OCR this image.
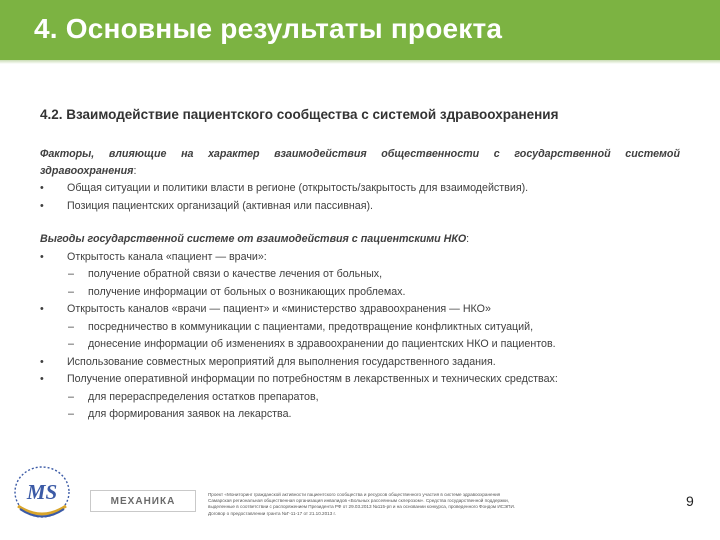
4. Основные результаты проекта
4.2. Взаимодействие пациентского сообщества с системой здравоохранения
Факторы, влияющие на характер взаимодействия общественности с государственной системой здравоохранения:
•	Общая ситуации и политики власти в регионе (открытость/закрытость для взаимодействия).
•	Позиция пациентских организаций (активная или пассивная).
Выгоды государственной системе от взаимодействия с пациентскими НКО:
•	Открытость канала «пациент — врачи»:
– получение обратной связи о качестве лечения от больных,
– получение информации от больных о возникающих проблемах.
•	Открытость каналов «врачи — пациент» и «министерство здравоохранения — НКО»
– посредничество в коммуникации с пациентами, предотвращение конфликтных ситуаций,
– донесение информации об изменениях в здравоохранении до пациентских НКО и пациентов.
•	Использование совместных мероприятий для выполнения государственного задания.
•	Получение оперативной информации по потребностям в лекарственных и технических средствах:
– для перераспределения остатков препаратов,
– для формирования заявок на лекарства.
MS	МЕХАНИКА
Проект «Мониторинг гражданской активности пациентского сообщества и ресурсов общественного участия в системе здравоохранения
Самарская региональная общественная организация инвалидов «Больных рассеянным склерозом». Средства государственной поддержки,
выделенные в соответствии с распоряжением Президента РФ от 29.03.2013 №115-рп и на основании конкурса, проведенного Фондом ИСЭПИ.
Договор о предоставлении гранта №Г-11-17 от 21.10.2013 г.
9
